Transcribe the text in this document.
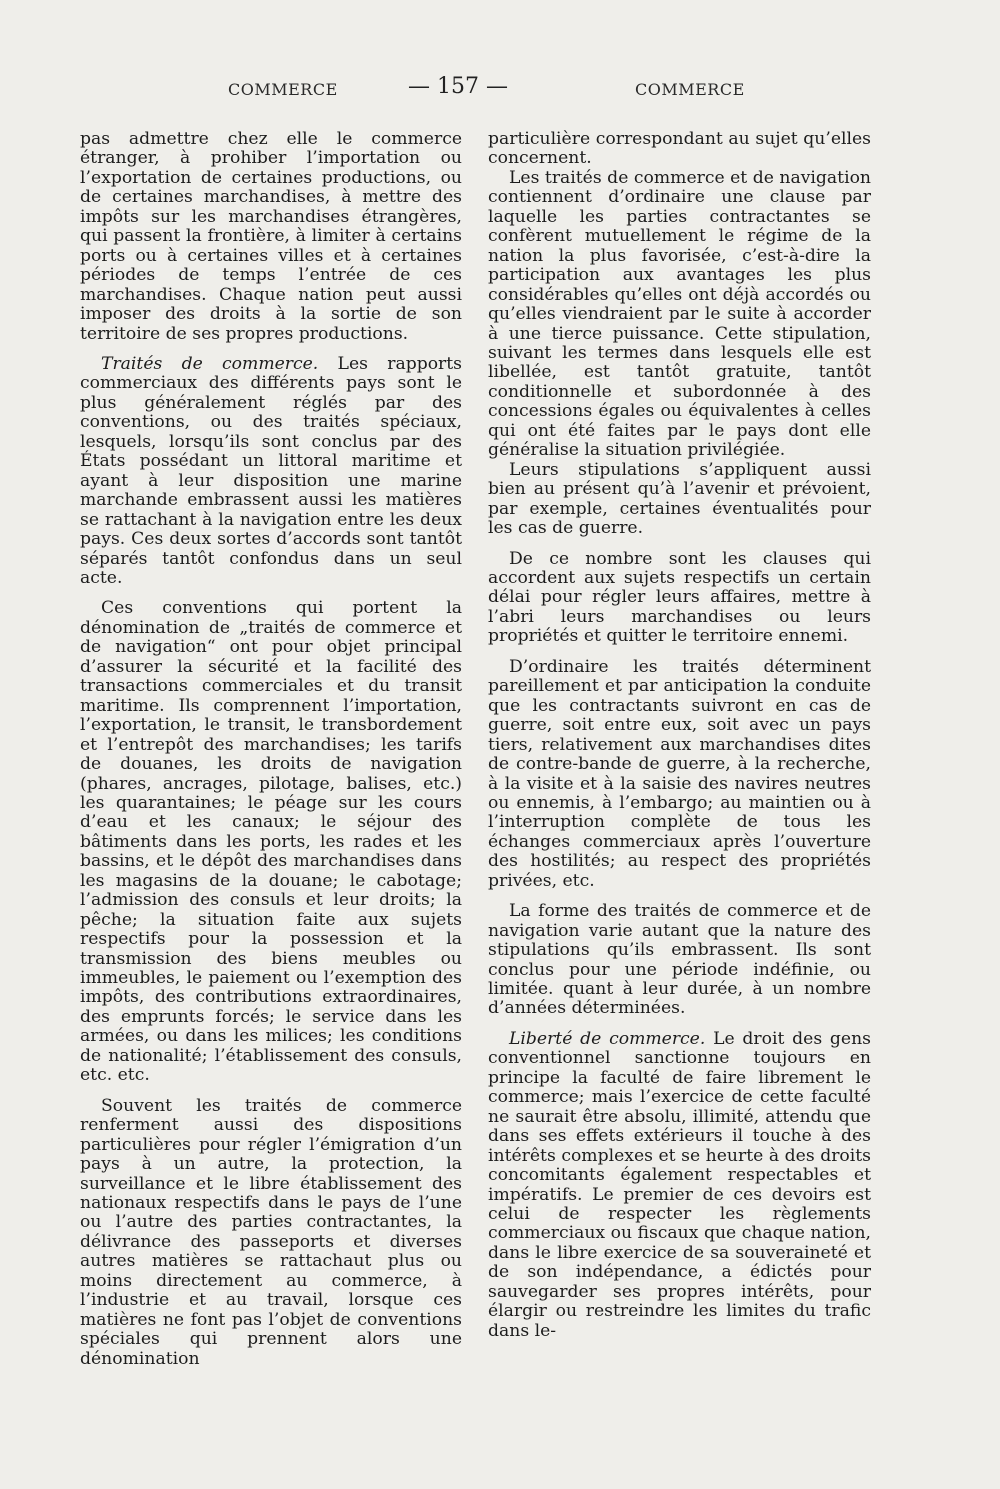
COMMERCE	— 157 —	COMMERCE

pas admettre chez elle le commerce étranger, à prohiber l’importation ou l’exportation de certaines productions, ou de certaines marchandises, à mettre des impôts sur les marchandises étrangères, qui passent la frontière, à limiter à certains ports ou à certaines villes et à certaines périodes de temps l’entrée de ces marchandises. Chaque nation peut aussi imposer des droits à la sortie de son territoire de ses propres productions.

Traités de commerce. Les rapports commerciaux des différents pays sont le plus généralement réglés par des conventions, ou des traités spéciaux, lesquels, lorsqu’ils sont conclus par des États possédant un littoral maritime et ayant à leur disposition une marine marchande embrassent aussi les matières se rattachant à la navigation entre les deux pays. Ces deux sortes d’accords sont tantôt séparés tantôt confondus dans un seul acte.

Ces conventions qui portent la dénomination de „traités de commerce et de navigation“ ont pour objet principal d’assurer la sécurité et la facilité des transactions commerciales et du transit maritime. Ils comprennent l’importation, l’exportation, le transit, le transbordement et l’entrepôt des marchandises; les tarifs de douanes, les droits de navigation (phares, ancrages, pilotage, balises, etc.) les quarantaines; le péage sur les cours d’eau et les canaux; le séjour des bâtiments dans les ports, les rades et les bassins, et le dépôt des marchandises dans les magasins de la douane; le cabotage; l’admission des consuls et leur droits; la pêche; la situation faite aux sujets respectifs pour la possession et la transmission des biens meubles ou immeubles, le paiement ou l’exemption des impôts, des contributions extraordinaires, des emprunts forcés; le service dans les armées, ou dans les milices; les conditions de nationalité; l’établissement des consuls, etc. etc.

Souvent les traités de commerce renferment aussi des dispositions particulières pour régler l’émigration d’un pays à un autre, la protection, la surveillance et le libre établissement des nationaux respectifs dans le pays de l’une ou l’autre des parties contractantes, la délivrance des passeports et diverses autres matières se rattachaut plus ou moins directement au commerce, à l’industrie et au travail, lorsque ces matières ne font pas l’objet de conventions spéciales qui prennent alors une dénomination

particulière correspondant au sujet qu’elles concernent.

Les traités de commerce et de navigation contiennent d’ordinaire une clause par laquelle les parties contractantes se confèrent mutuellement le régime de la nation la plus favorisée, c’est-à-dire la participation aux avantages les plus considérables qu’elles ont déjà accordés ou qu’elles viendraient par le suite à accorder à une tierce puissance. Cette stipulation, suivant les termes dans lesquels elle est libellée, est tantôt gratuite, tantôt conditionnelle et subordonnée à des concessions égales ou équivalentes à celles qui ont été faites par le pays dont elle généralise la situation privilégiée.

Leurs stipulations s’appliquent aussi bien au présent qu’à l’avenir et prévoient, par exemple, certaines éventualités pour les cas de guerre.

De ce nombre sont les clauses qui accordent aux sujets respectifs un certain délai pour régler leurs affaires, mettre à l’abri leurs marchandises ou leurs propriétés et quitter le territoire ennemi.

D’ordinaire les traités déterminent pareillement et par anticipation la conduite que les contractants suivront en cas de guerre, soit entre eux, soit avec un pays tiers, relativement aux marchandises dites de contre-bande de guerre, à la recherche, à la visite et à la saisie des navires neutres ou ennemis, à l’embargo; au maintien ou à l’interruption complète de tous les échanges commerciaux après l’ouverture des hostilités; au respect des propriétés privées, etc.

La forme des traités de commerce et de navigation varie autant que la nature des stipulations qu’ils embrassent. Ils sont conclus pour une période indéfinie, ou limitée. quant à leur durée, à un nombre d’années déterminées.

Liberté de commerce. Le droit des gens conventionnel sanctionne toujours en principe la faculté de faire librement le commerce; mais l’exercice de cette faculté ne saurait être absolu, illimité, attendu que dans ses effets extérieurs il touche à des intérêts complexes et se heurte à des droits concomitants également respectables et impératifs. Le premier de ces devoirs est celui de respecter les règlements commerciaux ou fiscaux que chaque nation, dans le libre exercice de sa souveraineté et de son indépendance, a édictés pour sauvegarder ses propres intérêts, pour élargir ou restreindre les limites du trafic dans le-
